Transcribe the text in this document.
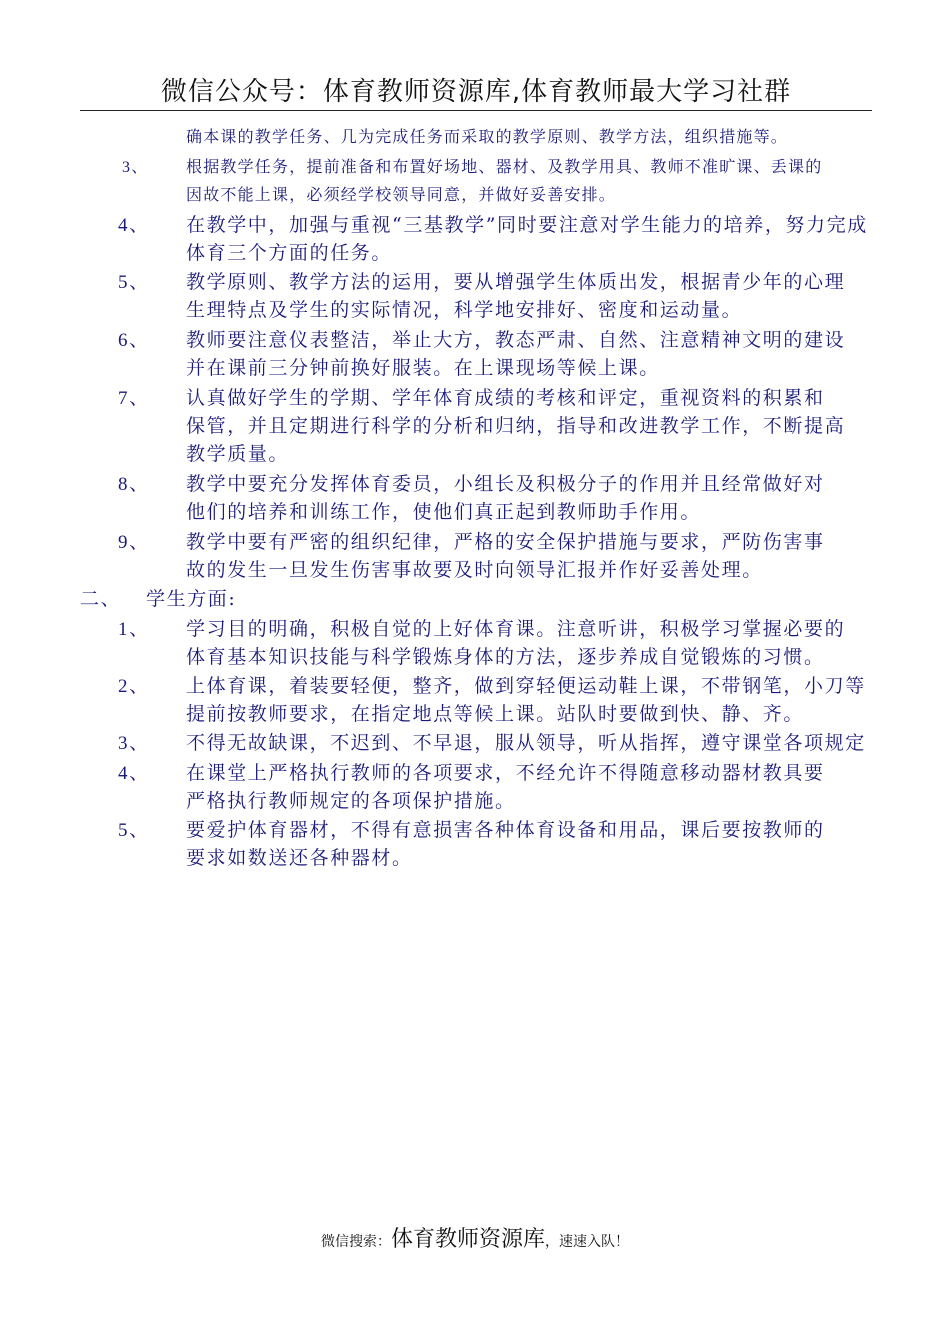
微信公众号：体育教师资源库,体育教师最大学习社群
确本课的教学任务、几为完成任务而采取的教学原则、教学方法，组织措施等。
3、 根据教学任务，提前准备和布置好场地、器材、及教学用具、教师不准旷课、丢课的
因故不能上课，必须经学校领导同意，并做好妥善安排。
4、 在教学中，加强与重视“三基教学”同时要注意对学生能力的培养，努力完成
体育三个方面的任务。
5、 教学原则、教学方法的运用，要从增强学生体质出发，根据青少年的心理
生理特点及学生的实际情况，科学地安排好、密度和运动量。
6、 教师要注意仪表整洁，举止大方，教态严肃、自然、注意精神文明的建设
并在课前三分钟前换好服装。在上课现场等候上课。
7、 认真做好学生的学期、学年体育成绩的考核和评定，重视资料的积累和
保管，并且定期进行科学的分析和归纳，指导和改进教学工作，不断提高
教学质量。
8、 教学中要充分发挥体育委员，小组长及积极分子的作用并且经常做好对
他们的培养和训练工作，使他们真正起到教师助手作用。
9、 教学中要有严密的组织纪律，严格的安全保护措施与要求，严防伤害事
故的发生一旦发生伤害事故要及时向领导汇报并作好妥善处理。
二、 学生方面:
1、 学习目的明确，积极自觉的上好体育课。注意听讲，积极学习掌握必要的
体育基本知识技能与科学锻炼身体的方法，逐步养成自觉锻炼的习惯。
2、 上体育课，着装要轻便，整齐，做到穿轻便运动鞋上课，不带钢笔，小刀等
提前按教师要求，在指定地点等候上课。站队时要做到快、静、齐。
3、 不得无故缺课，不迟到、不早退，服从领导，听从指挥，遵守课堂各项规定
4、 在课堂上严格执行教师的各项要求，不经允许不得随意移动器材教具要
严格执行教师规定的各项保护措施。
5、 要爱护体育器材，不得有意损害各种体育设备和用品，课后要按教师的
要求如数送还各种器材。
微信搜索：体育教师资源库，速速入队！
